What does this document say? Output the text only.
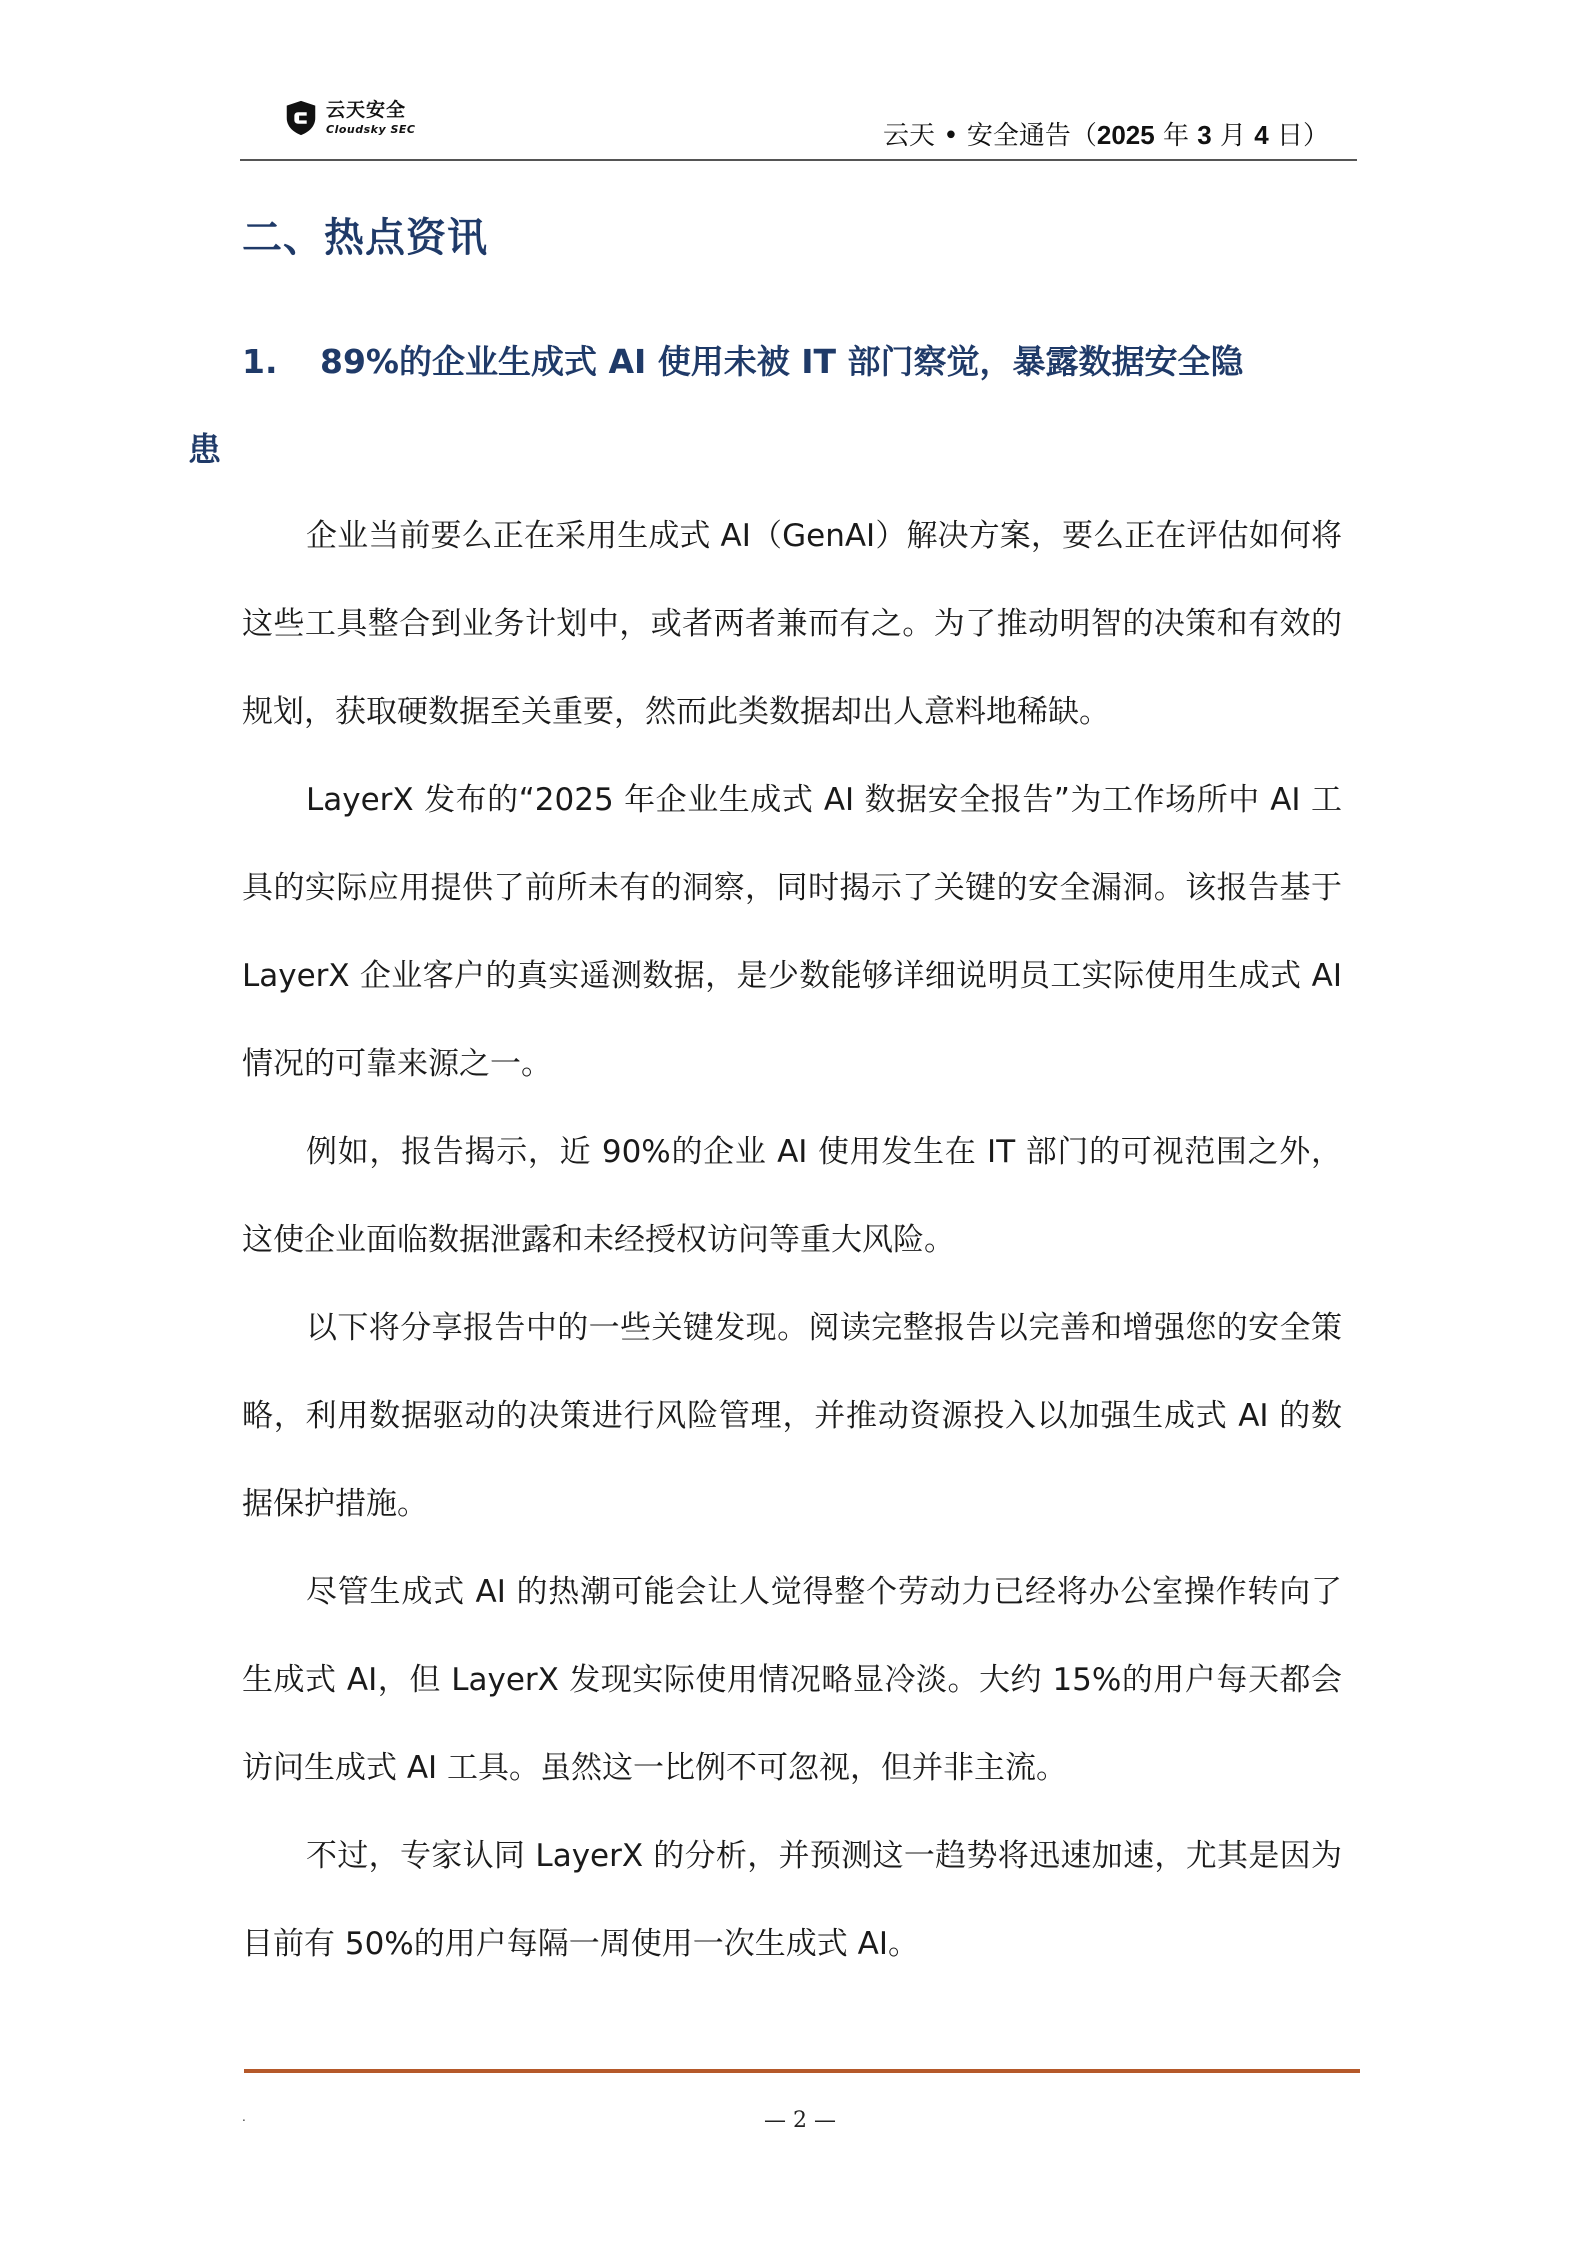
云天安全
Cloudsky SEC	云天 • 安全通告（2025 年 3 月 4 日）
二、热点资讯
1. 89%的企业生成式 AI 使用未被 IT 部门察觉，暴露数据安全隐
患

企业当前要么正在采用生成式 AI（GenAI）解决方案，要么正在评估如何将这些工具整合到业务计划中，或者两者兼而有之。为了推动明智的决策和有效的规划，获取硬数据至关重要，然而此类数据却出人意料地稀缺。

LayerX 发布的“2025 年企业生成式 AI 数据安全报告”为工作场所中 AI 工具的实际应用提供了前所未有的洞察，同时揭示了关键的安全漏洞。该报告基于 LayerX 企业客户的真实遥测数据，是少数能够详细说明员工实际使用生成式 AI 情况的可靠来源之一。

例如，报告揭示，近 90%的企业 AI 使用发生在 IT 部门的可视范围之外，这使企业面临数据泄露和未经授权访问等重大风险。

以下将分享报告中的一些关键发现。阅读完整报告以完善和增强您的安全策略，利用数据驱动的决策进行风险管理，并推动资源投入以加强生成式 AI 的数据保护措施。

尽管生成式 AI 的热潮可能会让人觉得整个劳动力已经将办公室操作转向了生成式 AI，但 LayerX 发现实际使用情况略显冷淡。大约 15%的用户每天都会访问生成式 AI 工具。虽然这一比例不可忽视，但并非主流。

不过，专家认同 LayerX 的分析，并预测这一趋势将迅速加速，尤其是因为目前有 50%的用户每隔一周使用一次生成式 AI。

.	— 2 —
